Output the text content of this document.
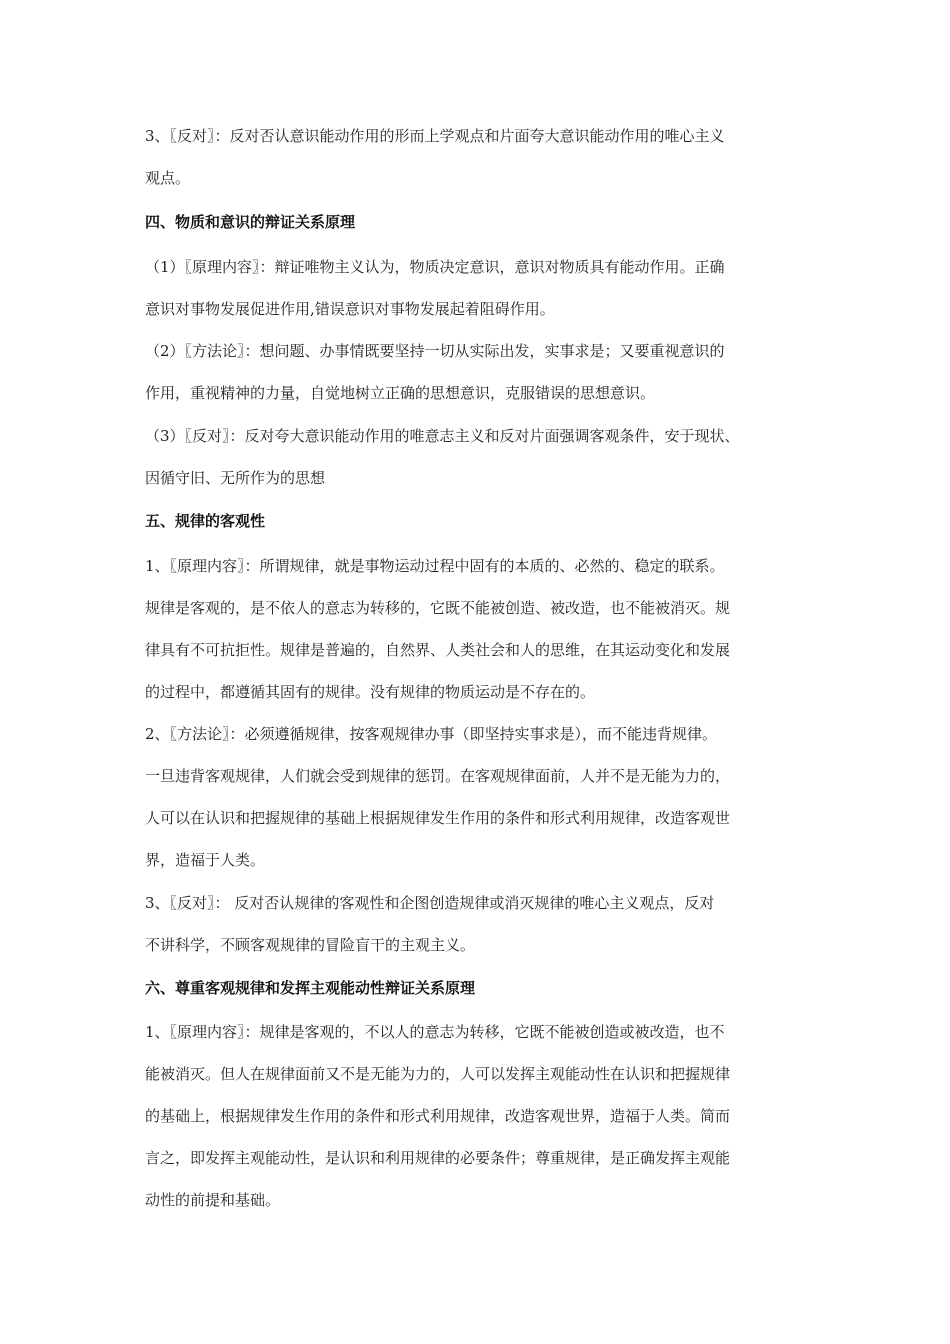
3、〖反对〗：反对否认意识能动作用的形而上学观点和片面夸大意识能动作用的唯心主义
观点。
四、物质和意识的辩证关系原理
（1）〖原理内容〗：辩证唯物主义认为，物质决定意识，意识对物质具有能动作用。正确
意识对事物发展促进作用,错误意识对事物发展起着阻碍作用。
（2）〖方法论〗：想问题、办事情既要坚持一切从实际出发，实事求是；又要重视意识的
作用，重视精神的力量，自觉地树立正确的思想意识，克服错误的思想意识。
（3）〖反对〗：反对夸大意识能动作用的唯意志主义和反对片面强调客观条件，安于现状、
因循守旧、无所作为的思想
五、规律的客观性
1、〖原理内容〗：所谓规律，就是事物运动过程中固有的本质的、必然的、稳定的联系。
规律是客观的，是不依人的意志为转移的，它既不能被创造、被改造，也不能被消灭。规
律具有不可抗拒性。规律是普遍的，自然界、人类社会和人的思维，在其运动变化和发展
的过程中，都遵循其固有的规律。没有规律的物质运动是不存在的。
2、〖方法论〗：必须遵循规律，按客观规律办事（即坚持实事求是），而不能违背规律。
一旦违背客观规律，人们就会受到规律的惩罚。在客观规律面前，人并不是无能为力的，
人可以在认识和把握规律的基础上根据规律发生作用的条件和形式利用规律，改造客观世
界，造福于人类。
3、〖反对〗： 反对否认规律的客观性和企图创造规律或消灭规律的唯心主义观点，反对
不讲科学，不顾客观规律的冒险盲干的主观主义。
六、尊重客观规律和发挥主观能动性辩证关系原理
1、〖原理内容〗：规律是客观的，不以人的意志为转移，它既不能被创造或被改造，也不
能被消灭。但人在规律面前又不是无能为力的，人可以发挥主观能动性在认识和把握规律
的基础上，根据规律发生作用的条件和形式利用规律，改造客观世界，造福于人类。简而
言之，即发挥主观能动性，是认识和利用规律的必要条件；尊重规律，是正确发挥主观能
动性的前提和基础。
